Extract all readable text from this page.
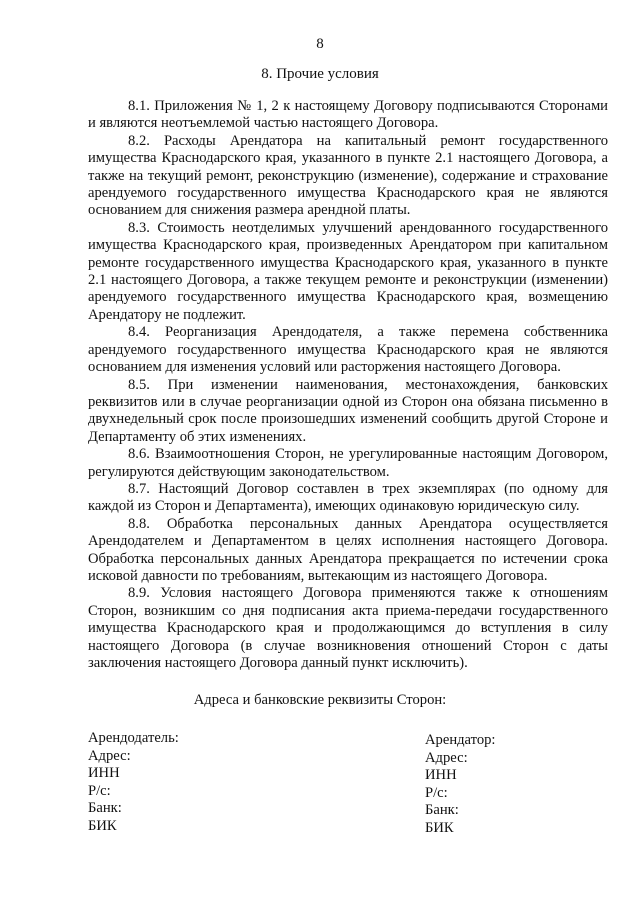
8
8. Прочие условия

8.1. Приложения № 1, 2 к настоящему Договору подписываются Сторонами и являются неотъемлемой частью настоящего Договора.

8.2. Расходы Арендатора на капитальный ремонт государственного имущества Краснодарского края, указанного в пункте 2.1 настоящего Договора, а также на текущий ремонт, реконструкцию (изменение), содержание и страхование арендуемого государственного имущества Краснодарского края не являются основанием для снижения размера арендной платы.

8.3. Стоимость неотделимых улучшений арендованного государственного имущества Краснодарского края, произведенных Арендатором при капитальном ремонте государственного имущества Краснодарского края, указанного в пункте 2.1 настоящего Договора, а также текущем ремонте и реконструкции (изменении) арендуемого государственного имущества Краснодарского края, возмещению Арендатору не подлежит.

8.4. Реорганизация Арендодателя, а также перемена собственника арендуемого государственного имущества Краснодарского края не являются основанием для изменения условий или расторжения настоящего Договора.

8.5. При изменении наименования, местонахождения, банковских реквизитов или в случае реорганизации одной из Сторон она обязана письменно в двухнедельный срок после произошедших изменений сообщить другой Стороне и Департаменту об этих изменениях.

8.6. Взаимоотношения Сторон, не урегулированные настоящим Договором, регулируются действующим законодательством.

8.7. Настоящий Договор составлен в трех экземплярах (по одному для каждой из Сторон и Департамента), имеющих одинаковую юридическую силу.

8.8. Обработка персональных данных Арендатора осуществляется Арендодателем и Департаментом в целях исполнения настоящего Договора. Обработка персональных данных Арендатора прекращается по истечении срока исковой давности по требованиям, вытекающим из настоящего Договора.

8.9. Условия настоящего Договора применяются также к отношениям Сторон, возникшим со дня подписания акта приема-передачи государственного имущества Краснодарского края и продолжающимся до вступления в силу настоящего Договора (в случае возникновения отношений Сторон с даты заключения настоящего Договора данный пункт исключить).

Адреса и банковские реквизиты Сторон:
Арендодатель:
Адрес:
ИНН
Р/с:
Банк:
БИК
Арендатор:
Адрес:
ИНН
Р/с:
Банк:
БИК
